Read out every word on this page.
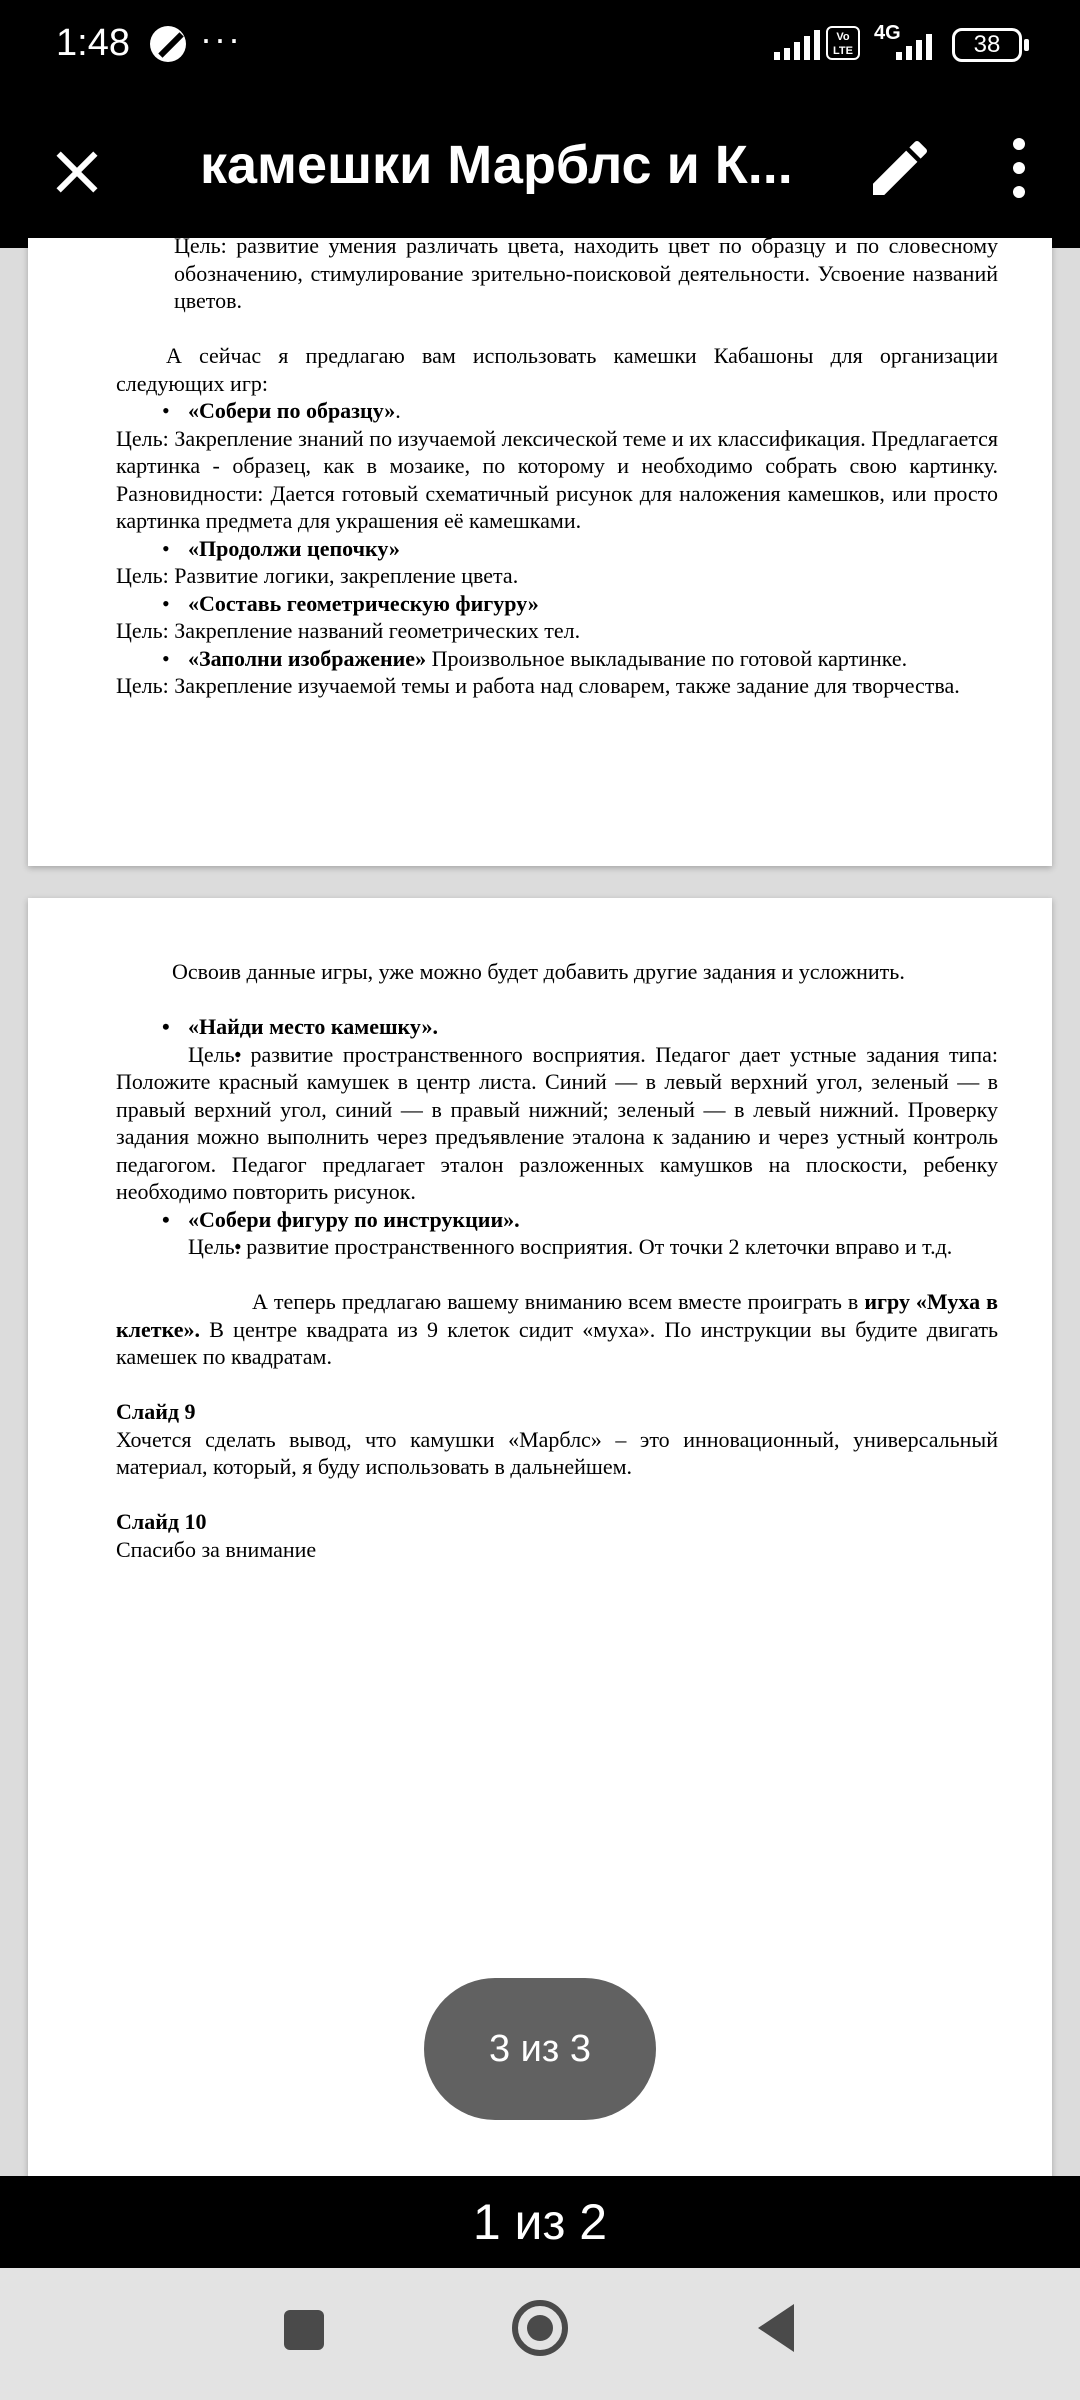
1:48 ···	Vo LTE
4G	38
камешки Марблс и К...

Цель: развитие умения различать цвета, находить цвет по образцу и по словесному обозначению, стимулирование зрительно-поисковой деятельности. Усвоение названий цветов.

А сейчас я предлагаю вам использовать камешки Кабашоны для организации следующих игр:

• «Собери по образцу».

Цель: Закрепление знаний по изучаемой лексической теме и их классификация. Предлагается картинка - образец, как в мозаике, по которому и необходимо собрать свою картинку. Разновидности: Дается готовый схематичный рисунок для наложения камешков, или просто картинка предмета для украшения её камешками.

• «Продолжи цепочку»

Цель: Развитие логики, закрепление цвета.

• «Составь геометрическую фигуру»

Цель: Закрепление названий геометрических тел.

• «Заполни изображение» Произвольное выкладывание по готовой картинке.

Цель: Закрепление изучаемой темы и работа над словарем, также задание для творчества.

Освоив данные игры, уже можно будет добавить другие задания и усложнить.

• «Найди место камешку».

• Цель: развитие пространственного восприятия. Педагог дает устные задания типа: Положите красный камушек в центр листа. Синий — в левый верхний угол, зеленый — в правый верхний угол, синий — в правый нижний; зеленый — в левый нижний. Проверку задания можно выполнить через предъявление эталона к заданию и через устный контроль педагогом. Педагог предлагает эталон разложенных камушков на плоскости, ребенку необходимо повторить рисунок.

• «Собери фигуру по инструкции».

• Цель: развитие пространственного восприятия. От точки 2 клеточки вправо и т.д.

А теперь предлагаю вашему вниманию всем вместе проиграть в игру «Муха в клетке». В центре квадрата из 9 клеток сидит «муха». По инструкции вы будите двигать камешек по квадратам.

Слайд 9

Хочется сделать вывод, что камушки «Марблс» – это инновационный, универсальный материал, который, я буду использовать в дальнейшем.

Слайд 10

Спасибо за внимание

3 из 3
1 из 2
